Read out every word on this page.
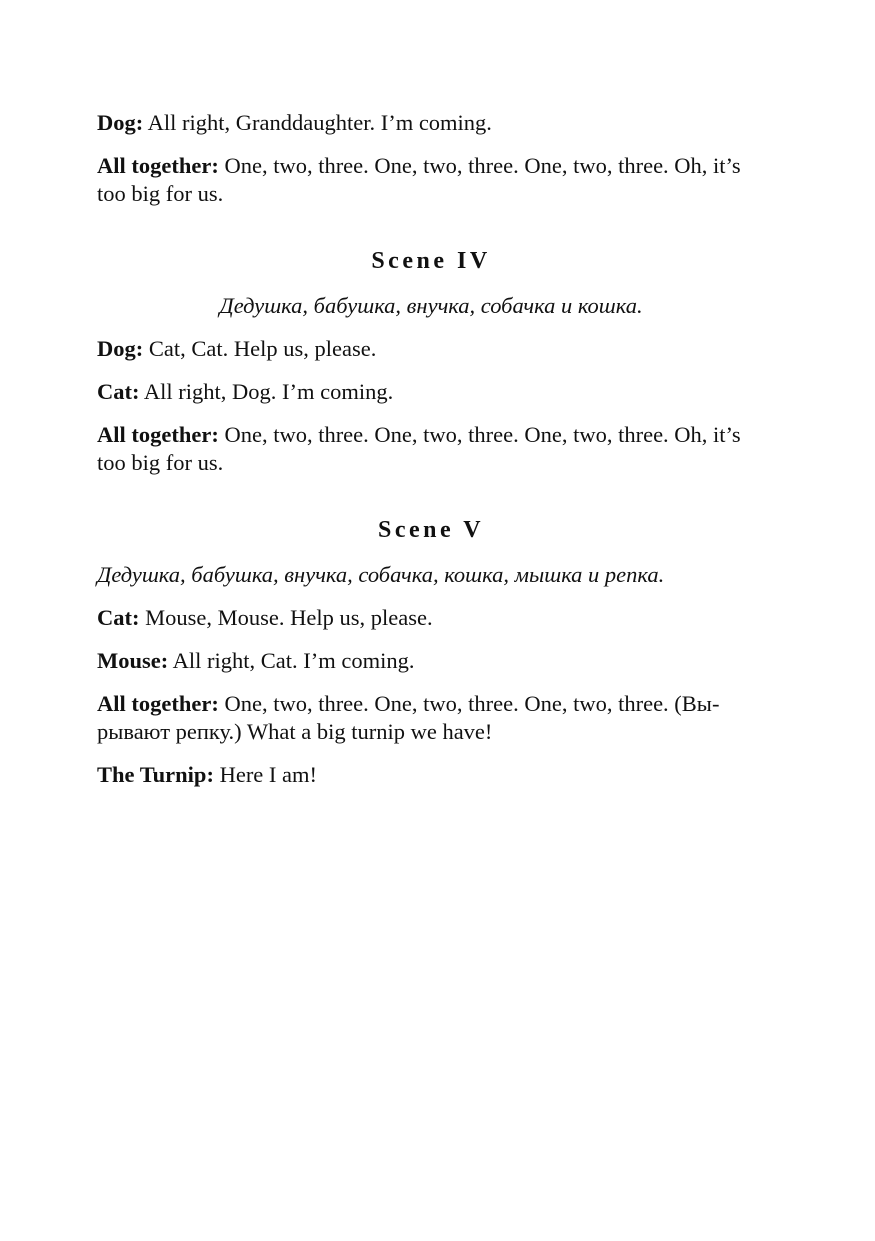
Dog: All right, Granddaughter. I’m coming.

All together: One, two, three. One, two, three. One, two, three. Oh, it’s too big for us.

Scene IV

Дедушка, бабушка, внучка, собачка и кошка.

Dog: Cat, Cat. Help us, please.

Cat: All right, Dog. I’m coming.

All together: One, two, three. One, two, three. One, two, three. Oh, it’s too big for us.

Scene V

Дедушка, бабушка, внучка, собачка, кошка, мышка и репка.

Cat: Mouse, Mouse. Help us, please.

Mouse: All right, Cat. I’m coming.

All together: One, two, three. One, two, three. One, two, three. (Вырывают репку.) What a big turnip we have!

The Turnip: Here I am!
